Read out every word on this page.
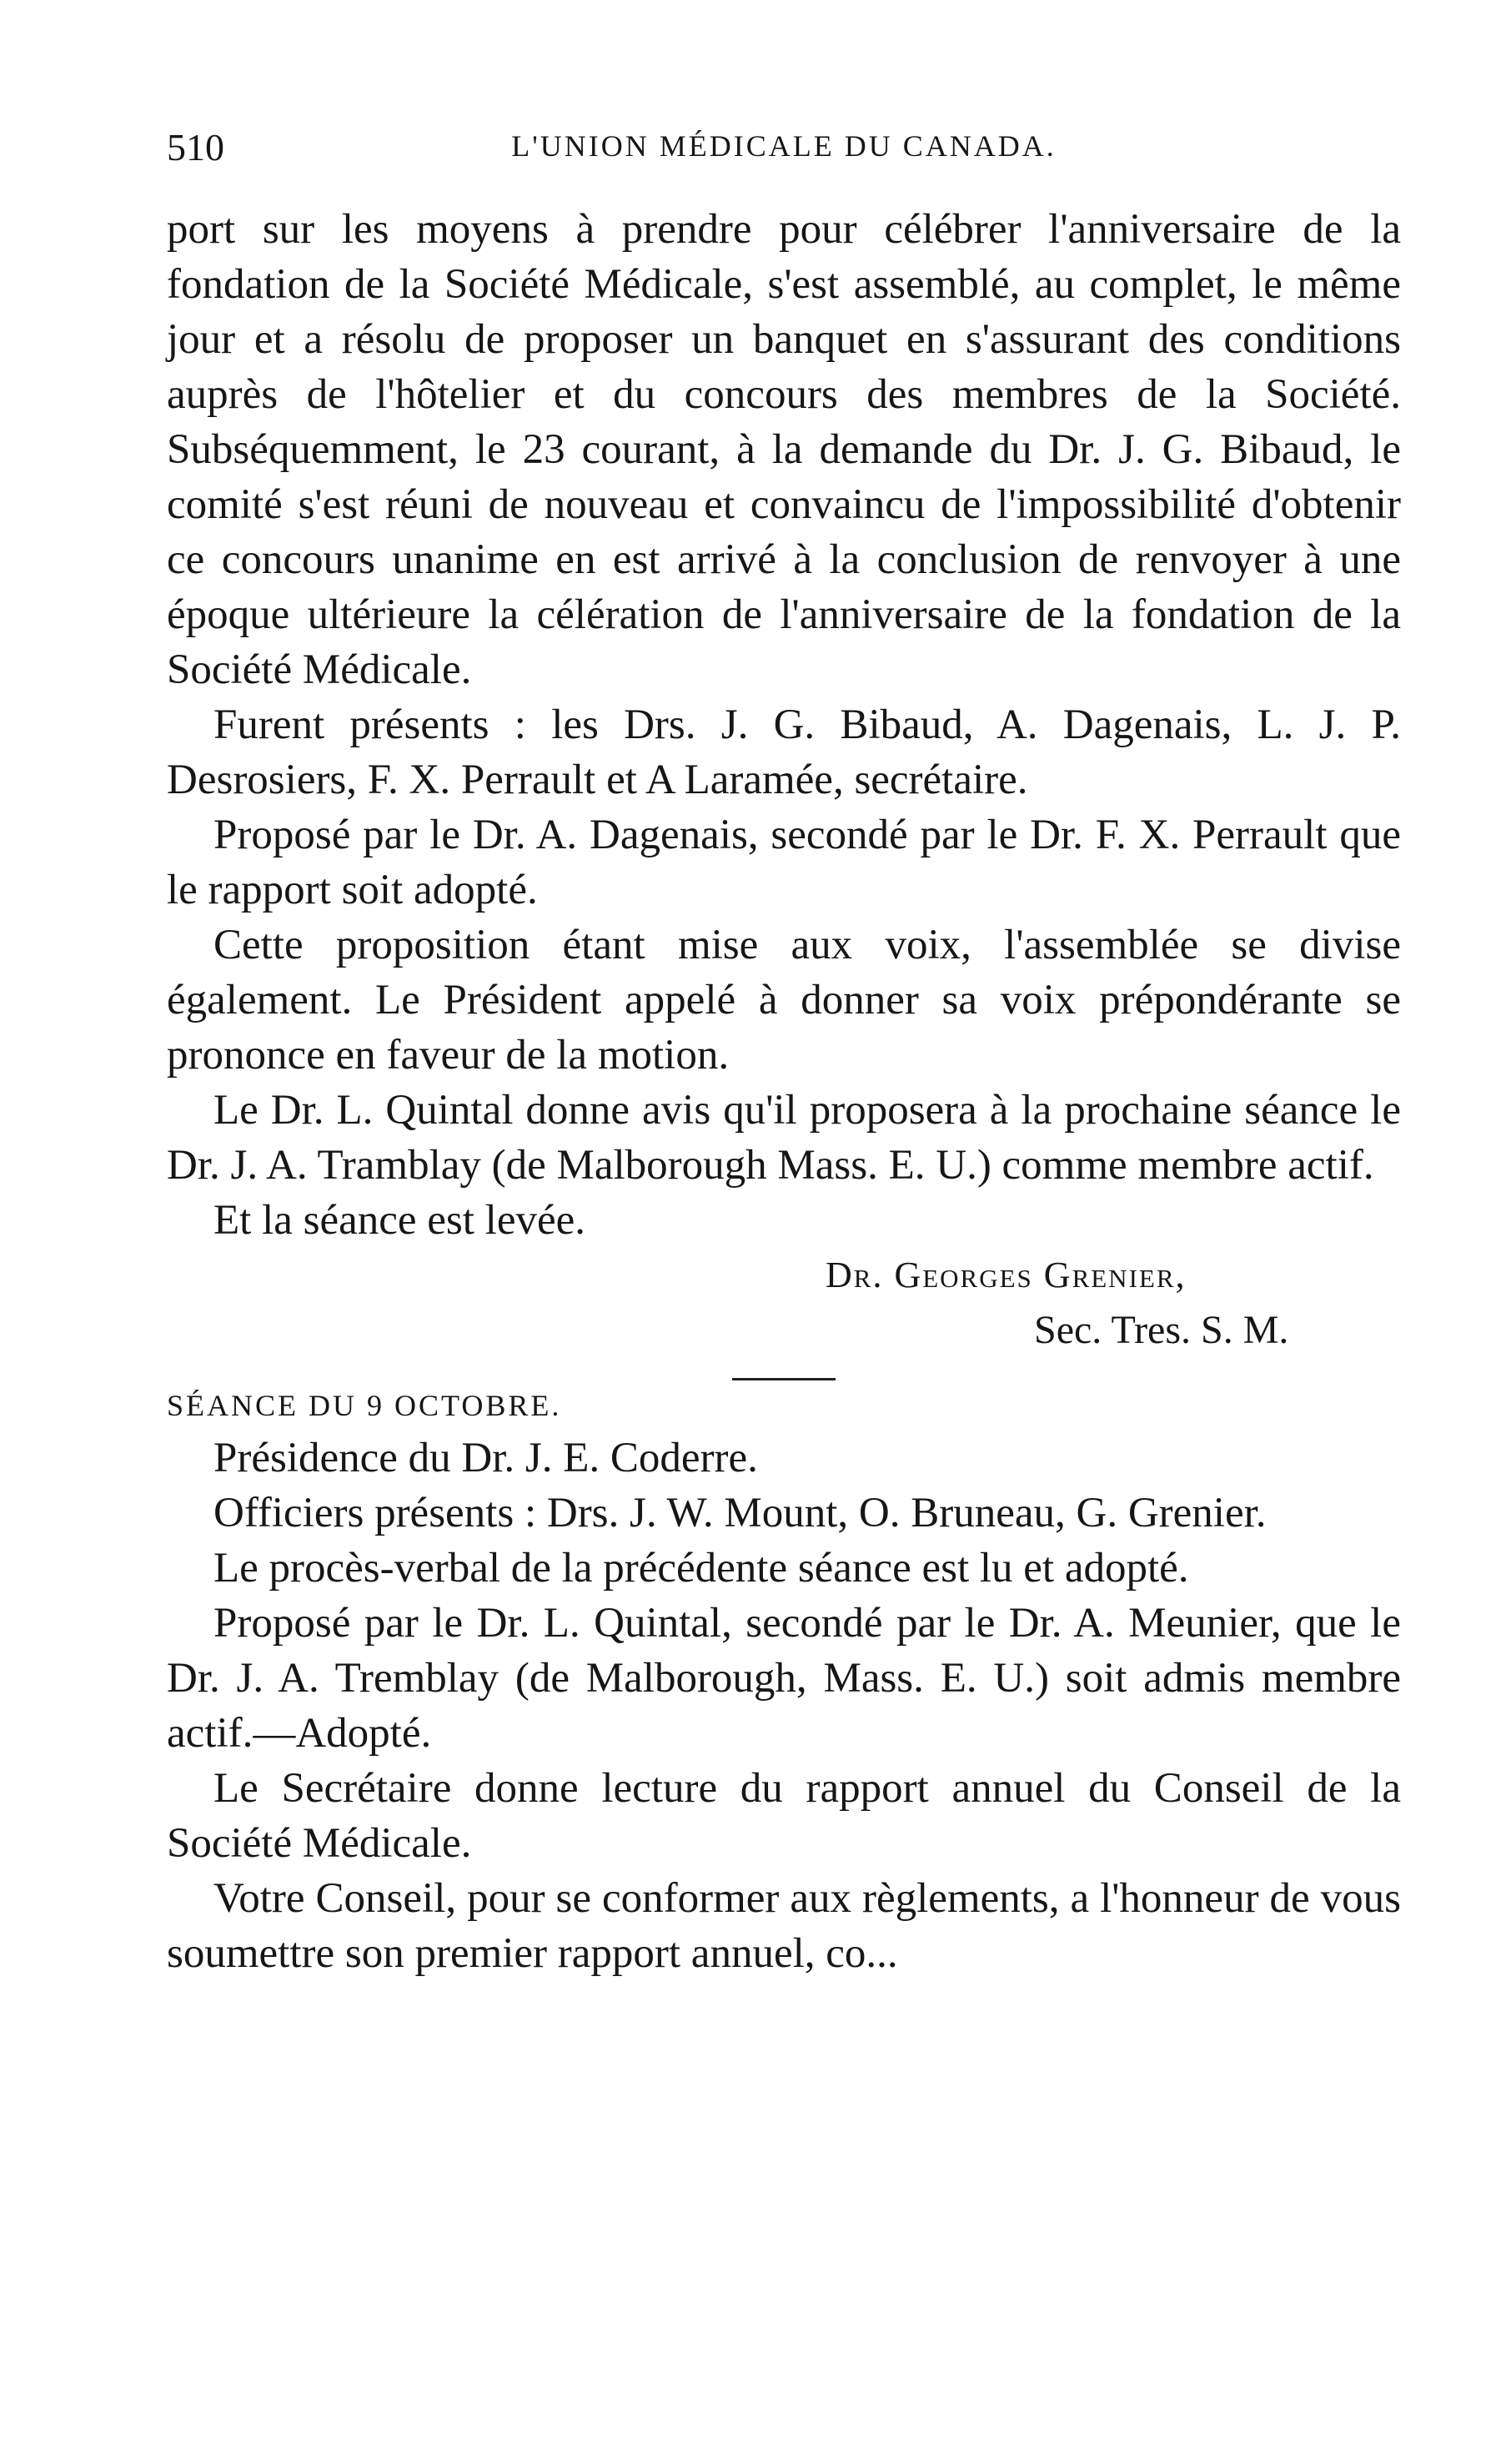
510	L'UNION MÉDICALE DU CANADA.

port sur les moyens à prendre pour célébrer l'anniversaire de la fondation de la Société Médicale, s'est assemblé, au complet, le même jour et a résolu de proposer un banquet en s'assurant des conditions auprès de l'hôtelier et du concours des membres de la Société. Subséquemment, le 23 courant, à la demande du Dr. J. G. Bibaud, le comité s'est réuni de nouveau et convaincu de l'impossibilité d'obtenir ce concours unanime en est arrivé à la conclusion de renvoyer à une époque ultérieure la célération de l'anniversaire de la fondation de la Société Médicale.

Furent présents : les Drs. J. G. Bibaud, A. Dagenais, L. J. P. Desrosiers, F. X. Perrault et A Laramée, secrétaire.

Proposé par le Dr. A. Dagenais, secondé par le Dr. F. X. Perrault que le rapport soit adopté.

Cette proposition étant mise aux voix, l'assemblée se divise également. Le Président appelé à donner sa voix prépondérante se prononce en faveur de la motion.

Le Dr. L. Quintal donne avis qu'il proposera à la prochaine séance le Dr. J. A. Tramblay (de Malborough Mass. E. U.) comme membre actif.

Et la séance est levée.

Dr. Georges Grenier,

Sec. Tres. S. M.

SÉANCE DU 9 OCTOBRE.

Présidence du Dr. J. E. Coderre.

Officiers présents : Drs. J. W. Mount, O. Bruneau, G. Grenier.

Le procès-verbal de la précédente séance est lu et adopté.

Proposé par le Dr. L. Quintal, secondé par le Dr. A. Meunier, que le Dr. J. A. Tremblay (de Malborough, Mass. E. U.) soit admis membre actif.—Adopté.

Le Secrétaire donne lecture du rapport annuel du Conseil de la Société Médicale.

Votre Conseil, pour se conformer aux règlements, a l'honneur de vous soumettre son premier rapport annuel, co...
